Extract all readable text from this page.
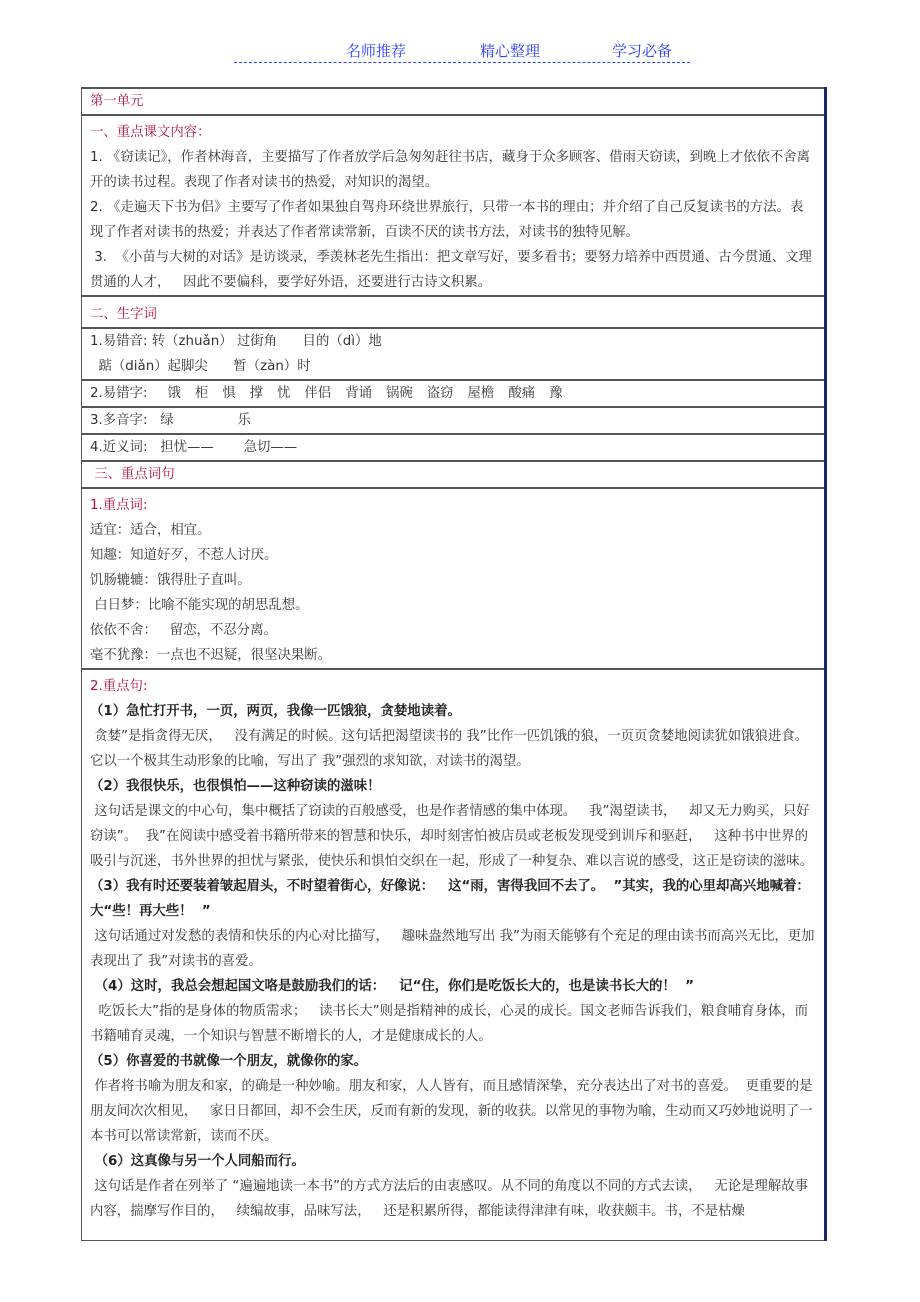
名师推荐	精心整理	学习必备
第一单元

一、重点课文内容：

1. 《窃读记》，作者林海音，主要描写了作者放学后急匆匆赶往书店，藏身于众多顾客、借雨天窃读，到晚上才依依不舍离开的读书过程。表现了作者对读书的热爱，对知识的渴望。

2. 《走遍天下书为侣》主要写了作者如果独自驾舟环绕世界旅行，只带一本书的理由；并介绍了自己反复读书的方法。表现了作者对读书的热爱；并表达了作者常读常新，百读不厌的读书方法，对读书的独特见解。

3.  《小苗与大树的对话》是访谈录，季羡林老先生指出：把文章写好，要多看书；要努力培养中西贯通、古今贯通、文理贯通的人才，   因此不要偏科，要学好外语，还要进行古诗文积累。

二、生字词

1.易错音: 转（zhuǎn） 过街角      目的（dì）地

踮（diǎn）起脚尖      暂（zàn）时

2.易错字: 饿 柜 惧 撑 忧 伴侣 背诵 锅碗 盗窃 屋檐 酸痛 豫
3.多音字:   绿               乐
4.近义词:   担忧——       急切——
三、重点词句

1.重点词:

适宜：适合，相宜。

知趣：知道好歹，不惹人讨厌。

饥肠辘辘：饿得肚子直叫。

白日梦：比喻不能实现的胡思乱想。

依依不舍：   留恋，不忍分离。

毫不犹豫：一点也不迟疑，很坚决果断。

2.重点句:

（1）急忙打开书，一页，两页，我像一匹饿狼，贪婪地读着。

贪婪”是指贪得无厌，   没有满足的时候。这句话把渴望读书的 我”比作一匹饥饿的狼，一页页贪婪地阅读犹如饿狼进食。它以一个极其生动形象的比喻，写出了 我”强烈的求知欲，对读书的渴望。

（2）我很快乐，也很惧怕——这种窃读的滋味！

这句话是课文的中心句，集中概括了窃读的百般感受，也是作者情感的集中体现。   我”渴望读书，   却又无力购买，只好 窃读”。  我”在阅读中感受着书籍所带来的智慧和快乐，却时刻害怕被店员或老板发现受到训斥和驱赶，   这种书中世界的吸引与沉迷，书外世界的担忧与紧张，使快乐和惧怕交织在一起，形成了一种复杂、难以言说的感受，这正是窃读的滋味。

（3）我有时还要装着皱起眉头，不时望着街心，好像说：   这“雨，害得我回不去了。  ”其实，我的心里却高兴地喊着：   大“些！再大些！  ”

这句话通过对发愁的表情和快乐的内心对比描写，   趣味盎然地写出 我”为雨天能够有个充足的理由读书而高兴无比，更加表现出了 我”对读书的喜爱。

（4）这时，我总会想起国文咯是鼓励我们的话：   记“住，你们是吃饭长大的，也是读书长大的！  ”

吃饭长大”指的是身体的物质需求；   读书长大”则是指精神的成长，心灵的成长。国文老师告诉我们，粮食哺育身体，而书籍哺育灵魂，一个知识与智慧不断增长的人，才是健康成长的人。

（5）你喜爱的书就像一个朋友，就像你的家。

作者将书喻为朋友和家，的确是一种妙喻。朋友和家，人人皆有，而且感情深挚，充分表达出了对书的喜爱。  更重要的是朋友间次次相见，   家日日都回，却不会生厌，反而有新的发现，新的收获。以常见的事物为喻，生动而又巧妙地说明了一本书可以常读常新，读而不厌。

（6）这真像与另一个人同船而行。

这句话是作者在列举了 “遍遍地读一本书”的方式方法后的由衷感叹。从不同的角度以不同的方式去读，   无论是理解故事内容，揣摩写作目的，   续编故事，品味写法，   还是积累所得，都能读得津津有味，收获颇丰。书，不是枯燥
